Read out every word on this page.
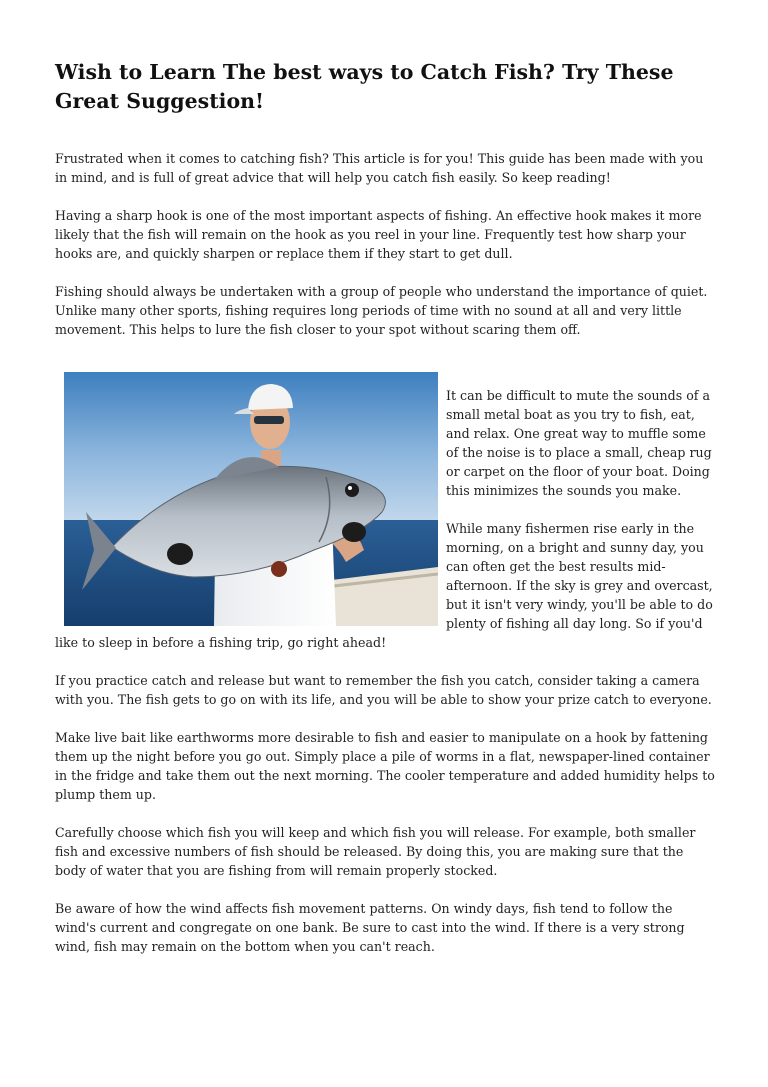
Wish to Learn The best ways to Catch Fish? Try These Great Suggestion!

Frustrated when it comes to catching fish? This article is for you! This guide has been made with you in mind, and is full of great advice that will help you catch fish easily. So keep reading!

Having a sharp hook is one of the most important aspects of fishing. An effective hook makes it more likely that the fish will remain on the hook as you reel in your line. Frequently test how sharp your hooks are, and quickly sharpen or replace them if they start to get dull.

Fishing should always be undertaken with a group of people who understand the importance of quiet. Unlike many other sports, fishing requires long periods of time with no sound at all and very little movement. This helps to lure the fish closer to your spot without scaring them off.

It can be difficult to mute the sounds of a small metal boat as you try to fish, eat, and relax. One great way to muffle some of the noise is to place a small, cheap rug or carpet on the floor of your boat. Doing this minimizes the sounds you make.

While many fishermen rise early in the morning, on a bright and sunny day, you can often get the best results mid-afternoon. If the sky is grey and overcast, but it isn't very windy, you'll be able to do plenty of fishing all day long. So if you'd like to sleep in before a fishing trip, go right ahead!

If you practice catch and release but want to remember the fish you catch, consider taking a camera with you. The fish gets to go on with its life, and you will be able to show your prize catch to everyone.

Make live bait like earthworms more desirable to fish and easier to manipulate on a hook by fattening them up the night before you go out. Simply place a pile of worms in a flat, newspaper-lined container in the fridge and take them out the next morning. The cooler temperature and added humidity helps to plump them up.

Carefully choose which fish you will keep and which fish you will release. For example, both smaller fish and excessive numbers of fish should be released. By doing this, you are making sure that the body of water that you are fishing from will remain properly stocked.

Be aware of how the wind affects fish movement patterns. On windy days, fish tend to follow the wind's current and congregate on one bank. Be sure to cast into the wind. If there is a very strong wind, fish may remain on the bottom when you can't reach.
